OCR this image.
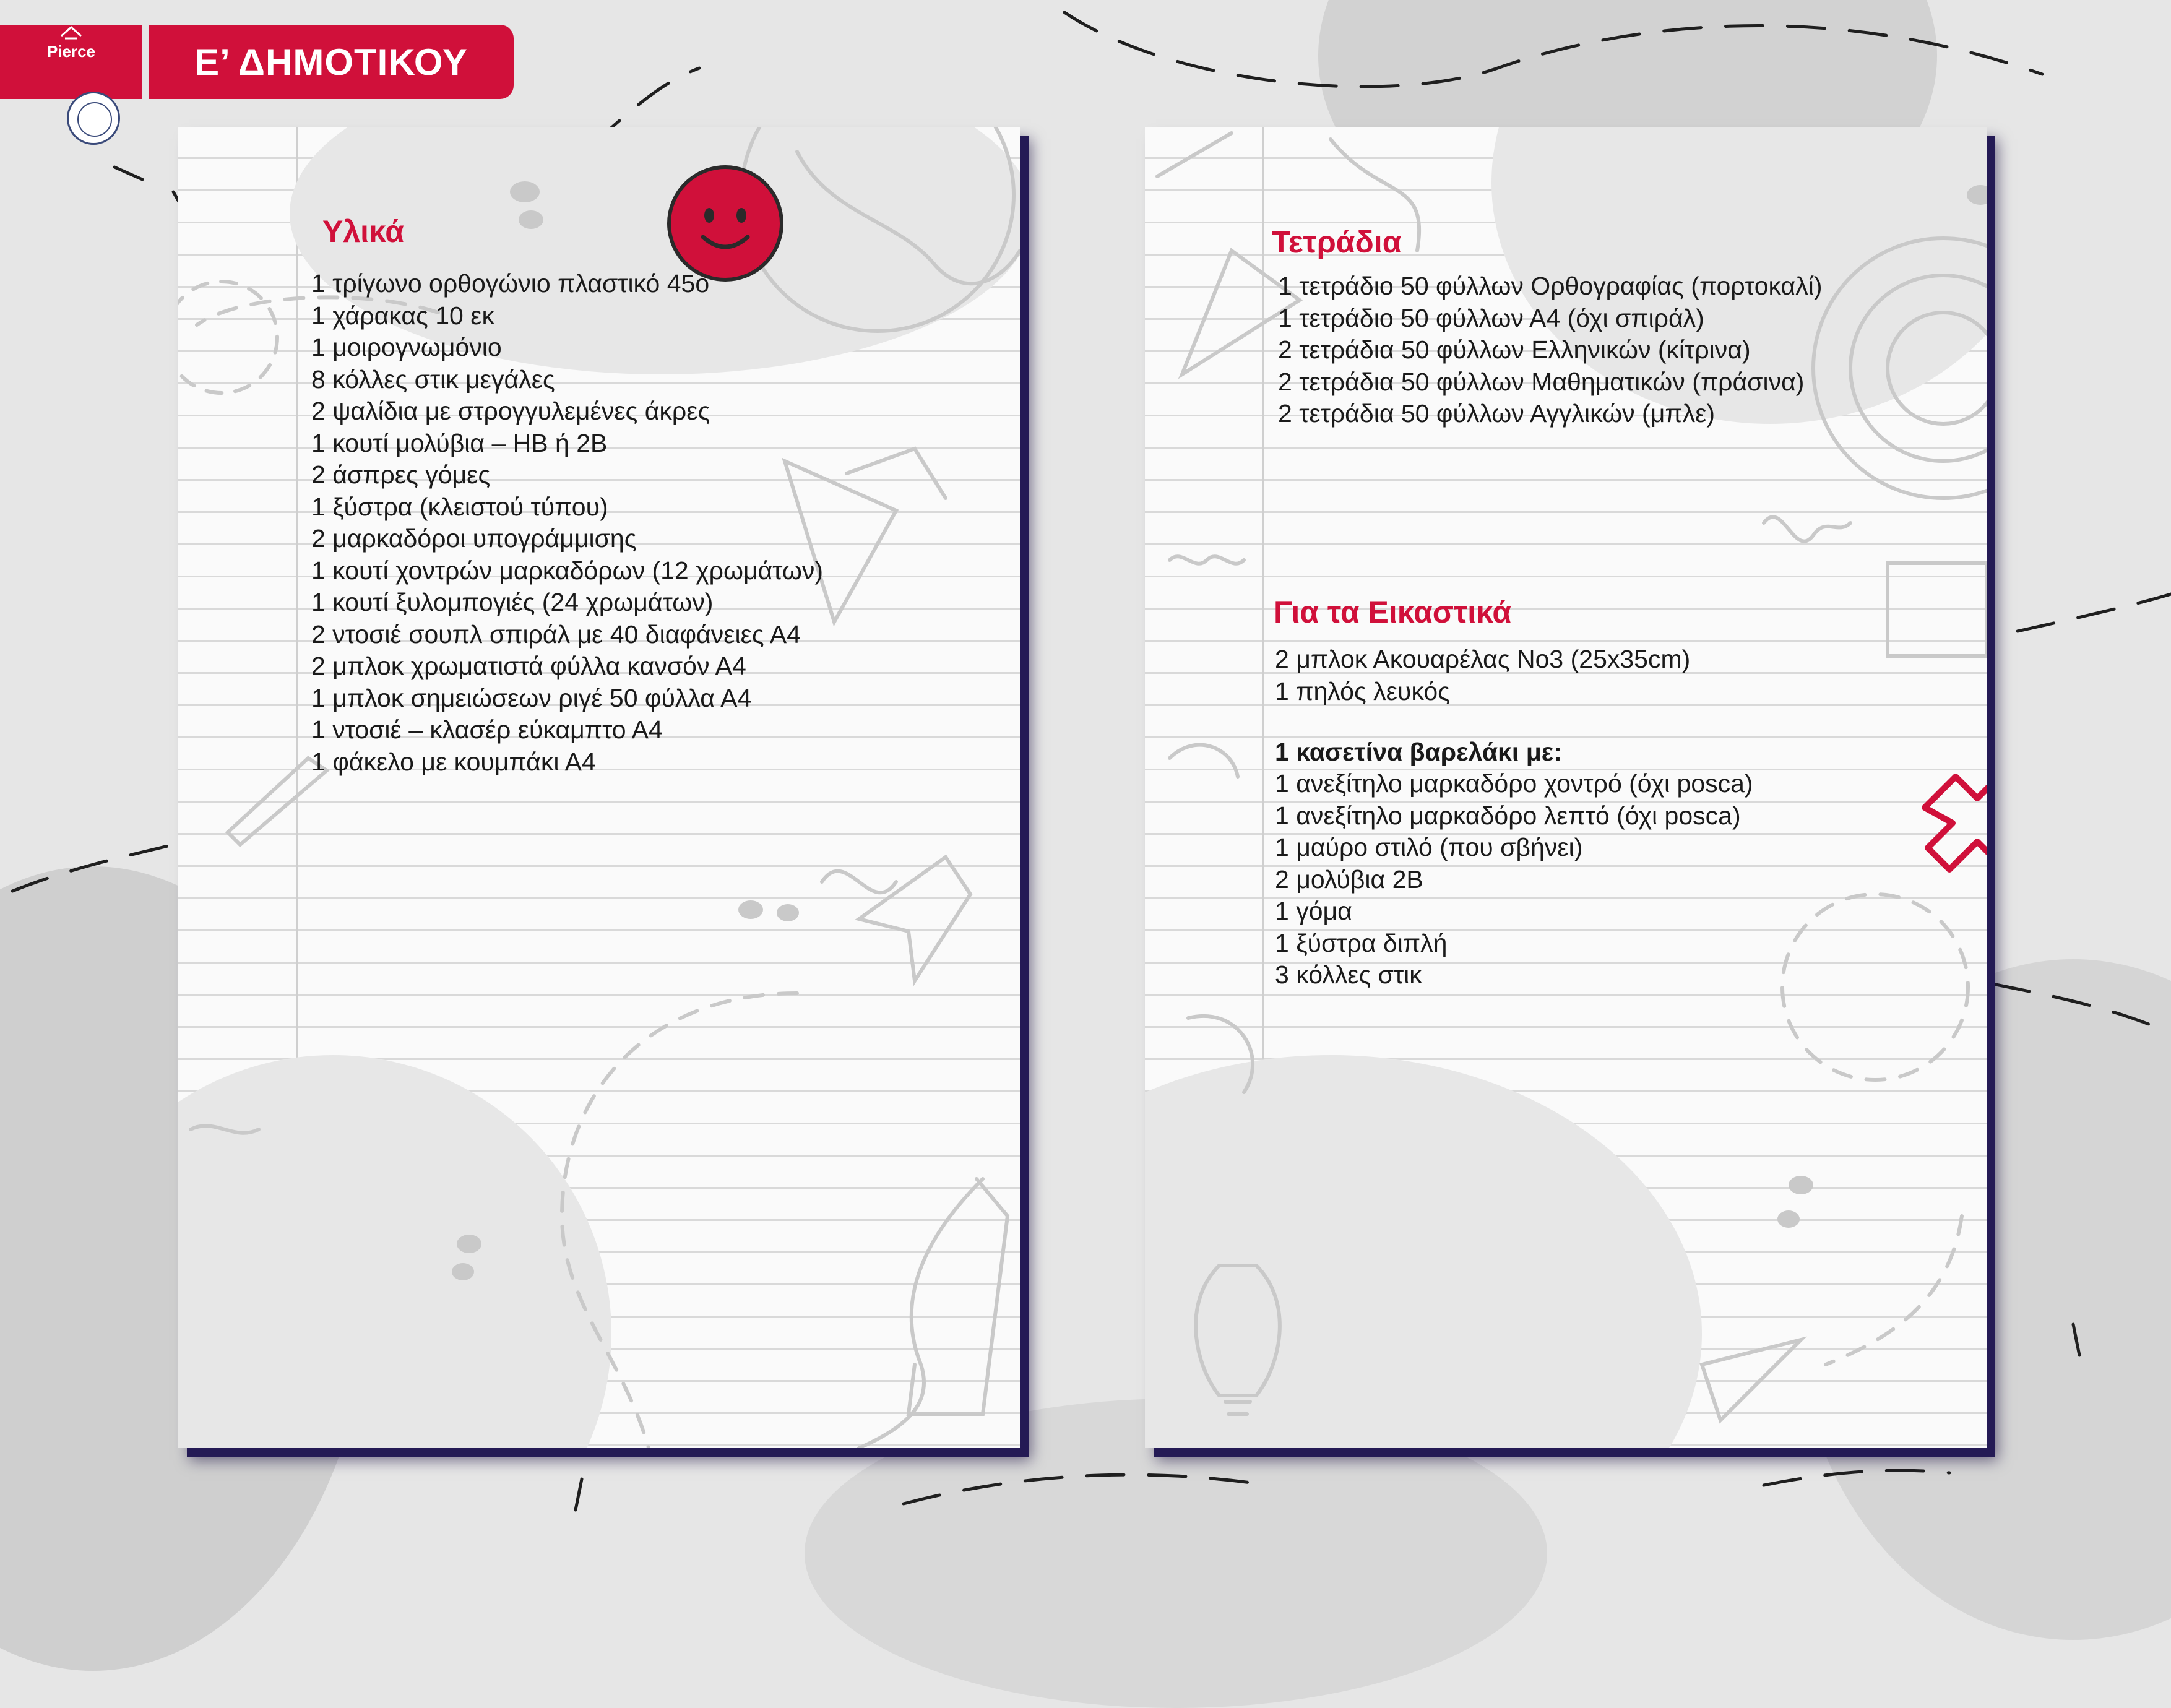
Pierce	Ε’ ΔΗΜΟΤΙΚΟΥ
Υλικά
1 τρίγωνο ορθογώνιο πλαστικό 45ο
1 χάρακας 10 εκ
1 μοιρογνωμόνιο
8 κόλλες στικ μεγάλες
2 ψαλίδια με στρογγυλεμένες άκρες
1 κουτί μολύβια – HB ή 2B
2 άσπρες γόμες
1 ξύστρα (κλειστού τύπου)
2 μαρκαδόροι υπογράμμισης
1 κουτί χοντρών μαρκαδόρων (12 χρωμάτων)
1 κουτί ξυλομπογιές (24 χρωμάτων)
2 ντοσιέ σουπλ σπιράλ με 40 διαφάνειες Α4
2 μπλοκ χρωματιστά φύλλα κανσόν Α4
1 μπλοκ σημειώσεων ριγέ 50 φύλλα Α4
1 ντοσιέ – κλασέρ εύκαμπτο Α4
1 φάκελο με κουμπάκι Α4
Τετράδια
1 τετράδιο 50 φύλλων Ορθογραφίας (πορτοκαλί)
1 τετράδιο 50 φύλλων Α4 (όχι σπιράλ)
2 τετράδια 50 φύλλων Ελληνικών (κίτρινα)
2 τετράδια 50 φύλλων Μαθηματικών (πράσινα)
2 τετράδια 50 φύλλων Αγγλικών (μπλε)
Για τα Εικαστικά
2 μπλοκ Ακουαρέλας Νο3 (25x35cm)
1 πηλός λευκός
1 κασετίνα βαρελάκι με:
1 ανεξίτηλο μαρκαδόρο χοντρό (όχι posca)
1 ανεξίτηλο μαρκαδόρο λεπτό (όχι posca)
1 μαύρο στιλό (που σβήνει)
2 μολύβια 2Β
1 γόμα
1 ξύστρα διπλή
3 κόλλες στικ
